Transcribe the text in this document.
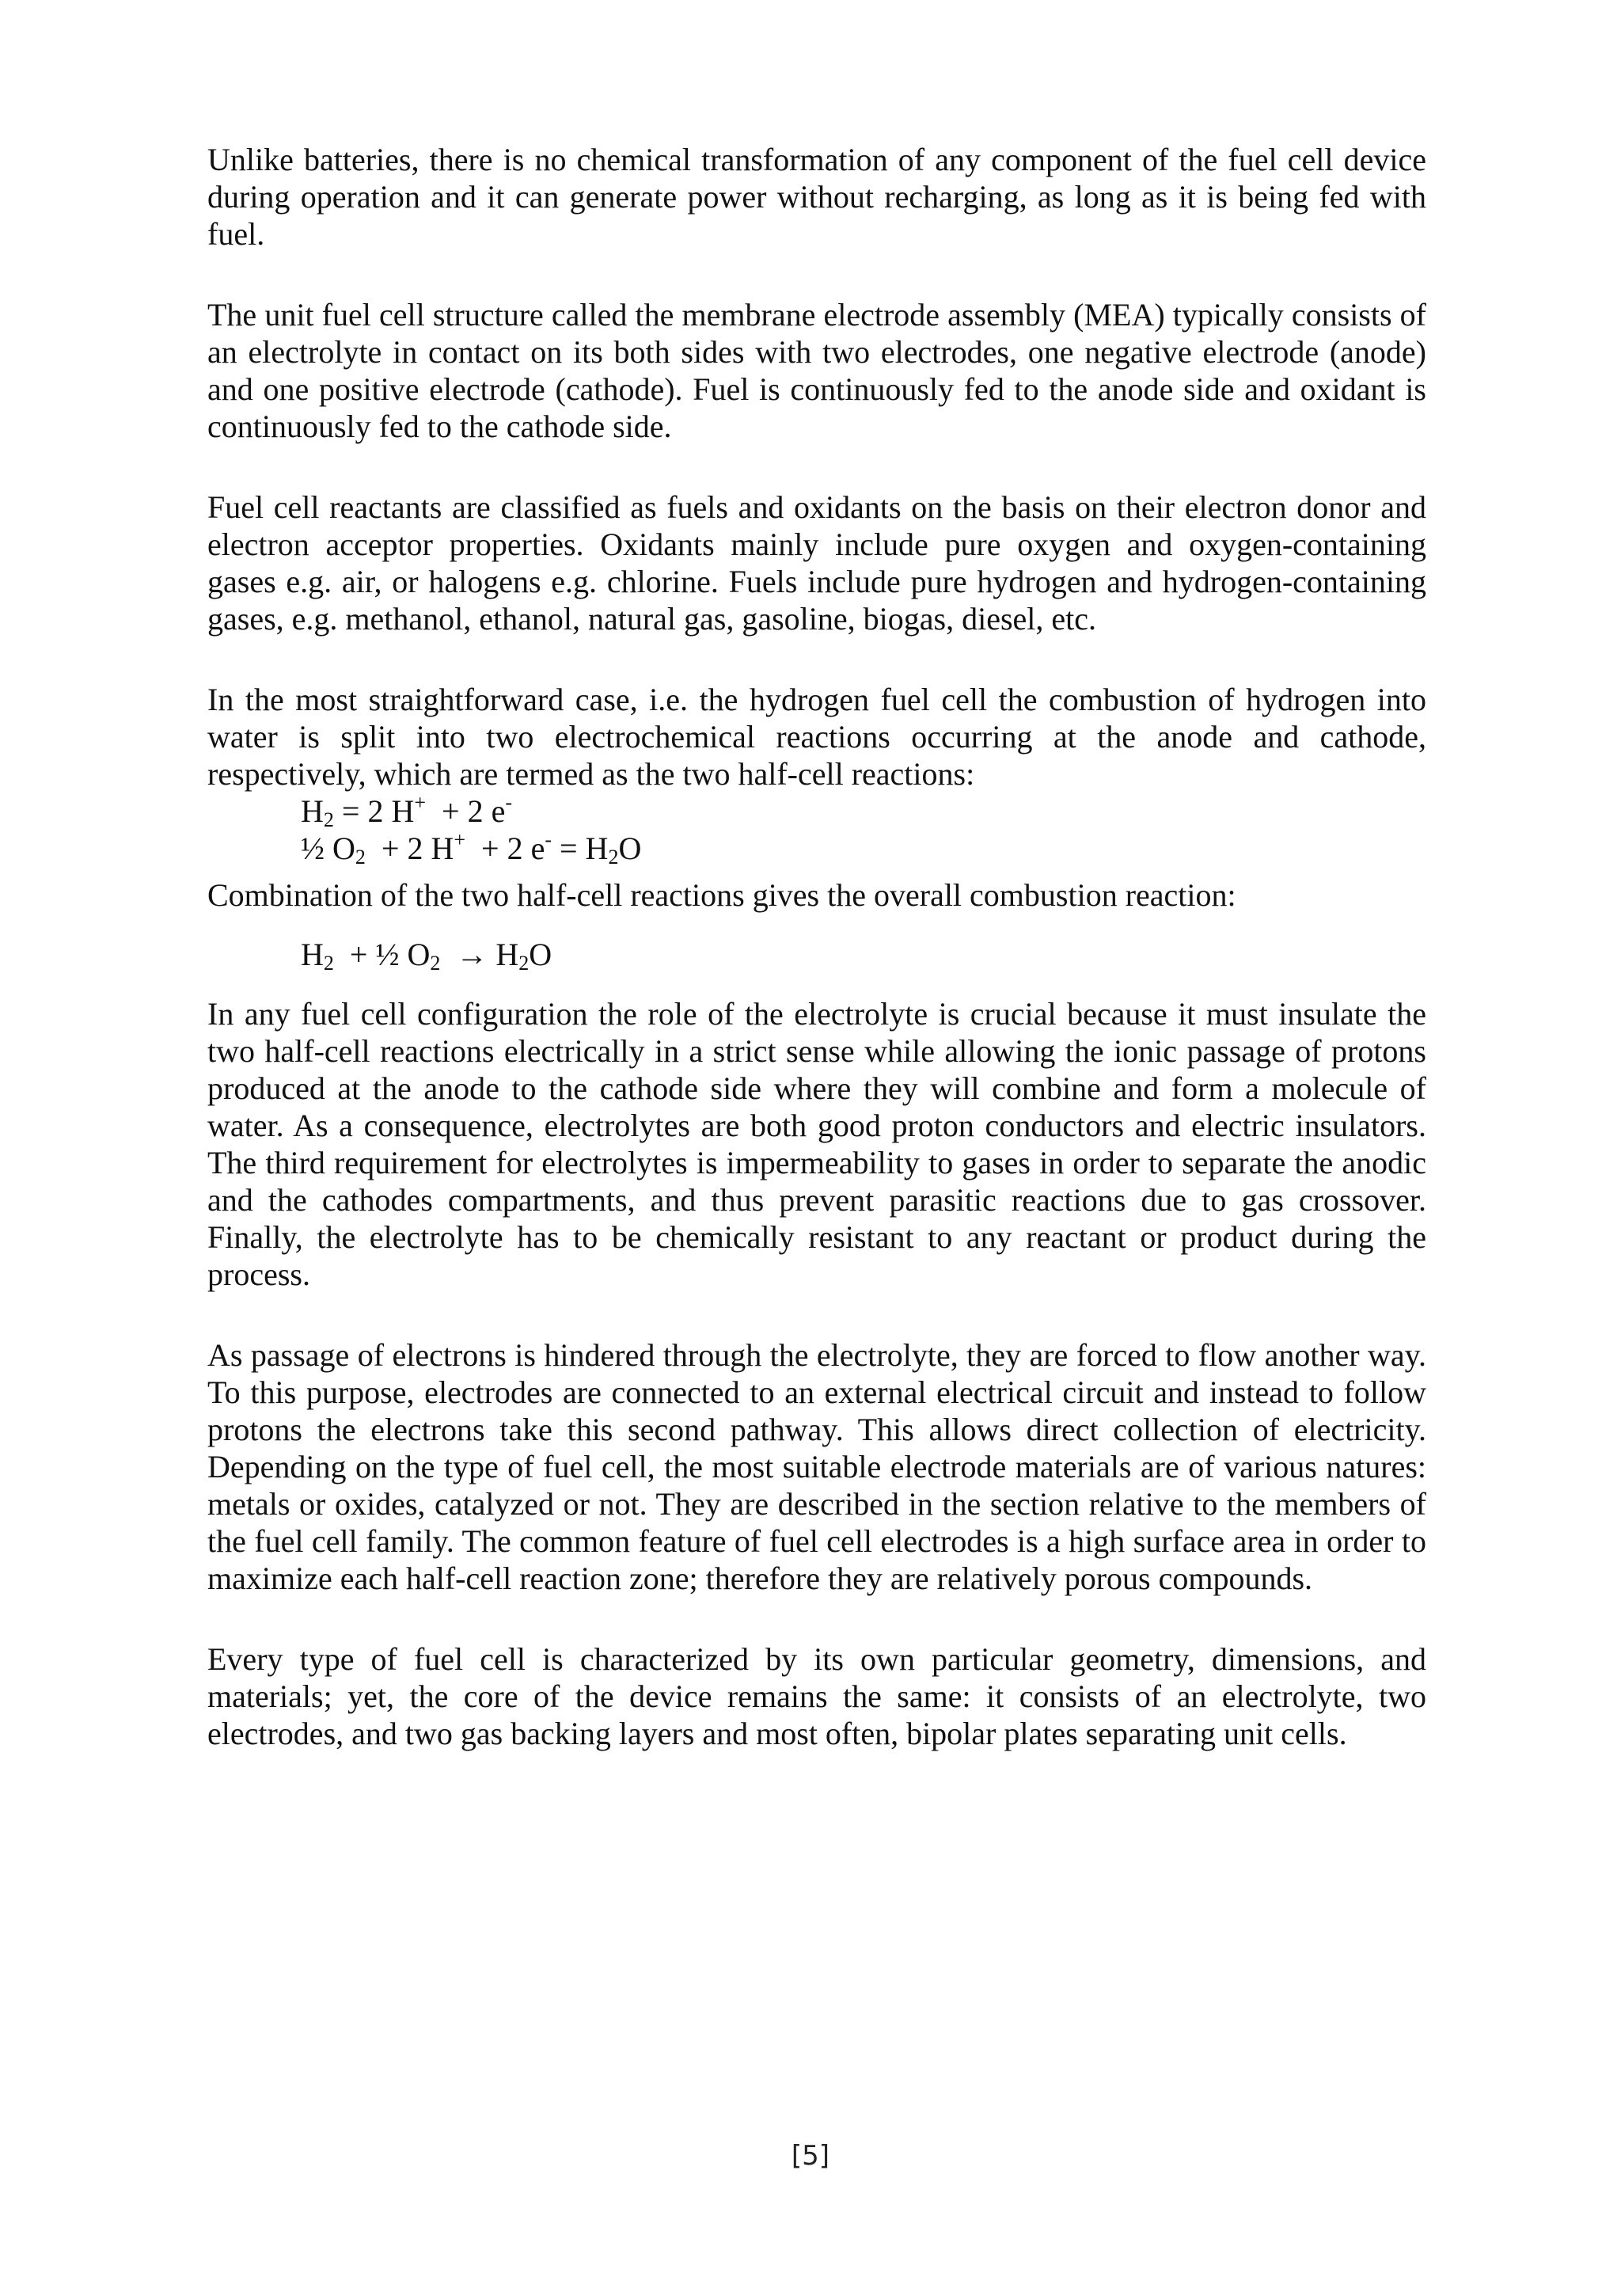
Unlike batteries, there is no chemical transformation of any component of the fuel cell device during operation and it can generate power without recharging, as long as it is being fed with fuel.

The unit fuel cell structure called the membrane electrode assembly (MEA) typically consists of an electrolyte in contact on its both sides with two electrodes, one negative electrode (anode) and one positive electrode (cathode). Fuel is continuously fed to the anode side and oxidant is continuously fed to the cathode side.

Fuel cell reactants are classified as fuels and oxidants on the basis on their electron donor and electron acceptor properties. Oxidants mainly include pure oxygen and oxygen-containing gases e.g. air, or halogens e.g. chlorine. Fuels include pure hydrogen and hydrogen-containing gases, e.g. methanol, ethanol, natural gas, gasoline, biogas, diesel, etc.

In the most straightforward case, i.e. the hydrogen fuel cell the combustion of hydrogen into water is split into two electrochemical reactions occurring at the anode and cathode, respectively, which are termed as the two half-cell reactions:

$H_2 = 2$ H+  + 2 e-

½ $O_2 + 2$ H+  + 2 $e^- = H_2O$

Combination of the two half-cell reactions gives the overall combustion reaction:

$H_2$  + ½ $O_2 \to H_2O$

In any fuel cell configuration the role of the electrolyte is crucial because it must insulate the two half-cell reactions electrically in a strict sense while allowing the ionic passage of protons produced at the anode to the cathode side where they will combine and form a molecule of water. As a consequence, electrolytes are both good proton conductors and electric insulators. The third requirement for electrolytes is impermeability to gases in order to separate the anodic and the cathodes compartments, and thus prevent parasitic reactions due to gas crossover. Finally, the electrolyte has to be chemically resistant to any reactant or product during the process.

As passage of electrons is hindered through the electrolyte, they are forced to flow another way. To this purpose, electrodes are connected to an external electrical circuit and instead to follow protons the electrons take this second pathway. This allows direct collection of electricity. Depending on the type of fuel cell, the most suitable electrode materials are of various natures: metals or oxides, catalyzed or not. They are described in the section relative to the members of the fuel cell family. The common feature of fuel cell electrodes is a high surface area in order to maximize each half-cell reaction zone; therefore they are relatively porous compounds.

Every type of fuel cell is characterized by its own particular geometry, dimensions, and materials; yet, the core of the device remains the same: it consists of an electrolyte, two electrodes, and two gas backing layers and most often, bipolar plates separating unit cells.

[5]
